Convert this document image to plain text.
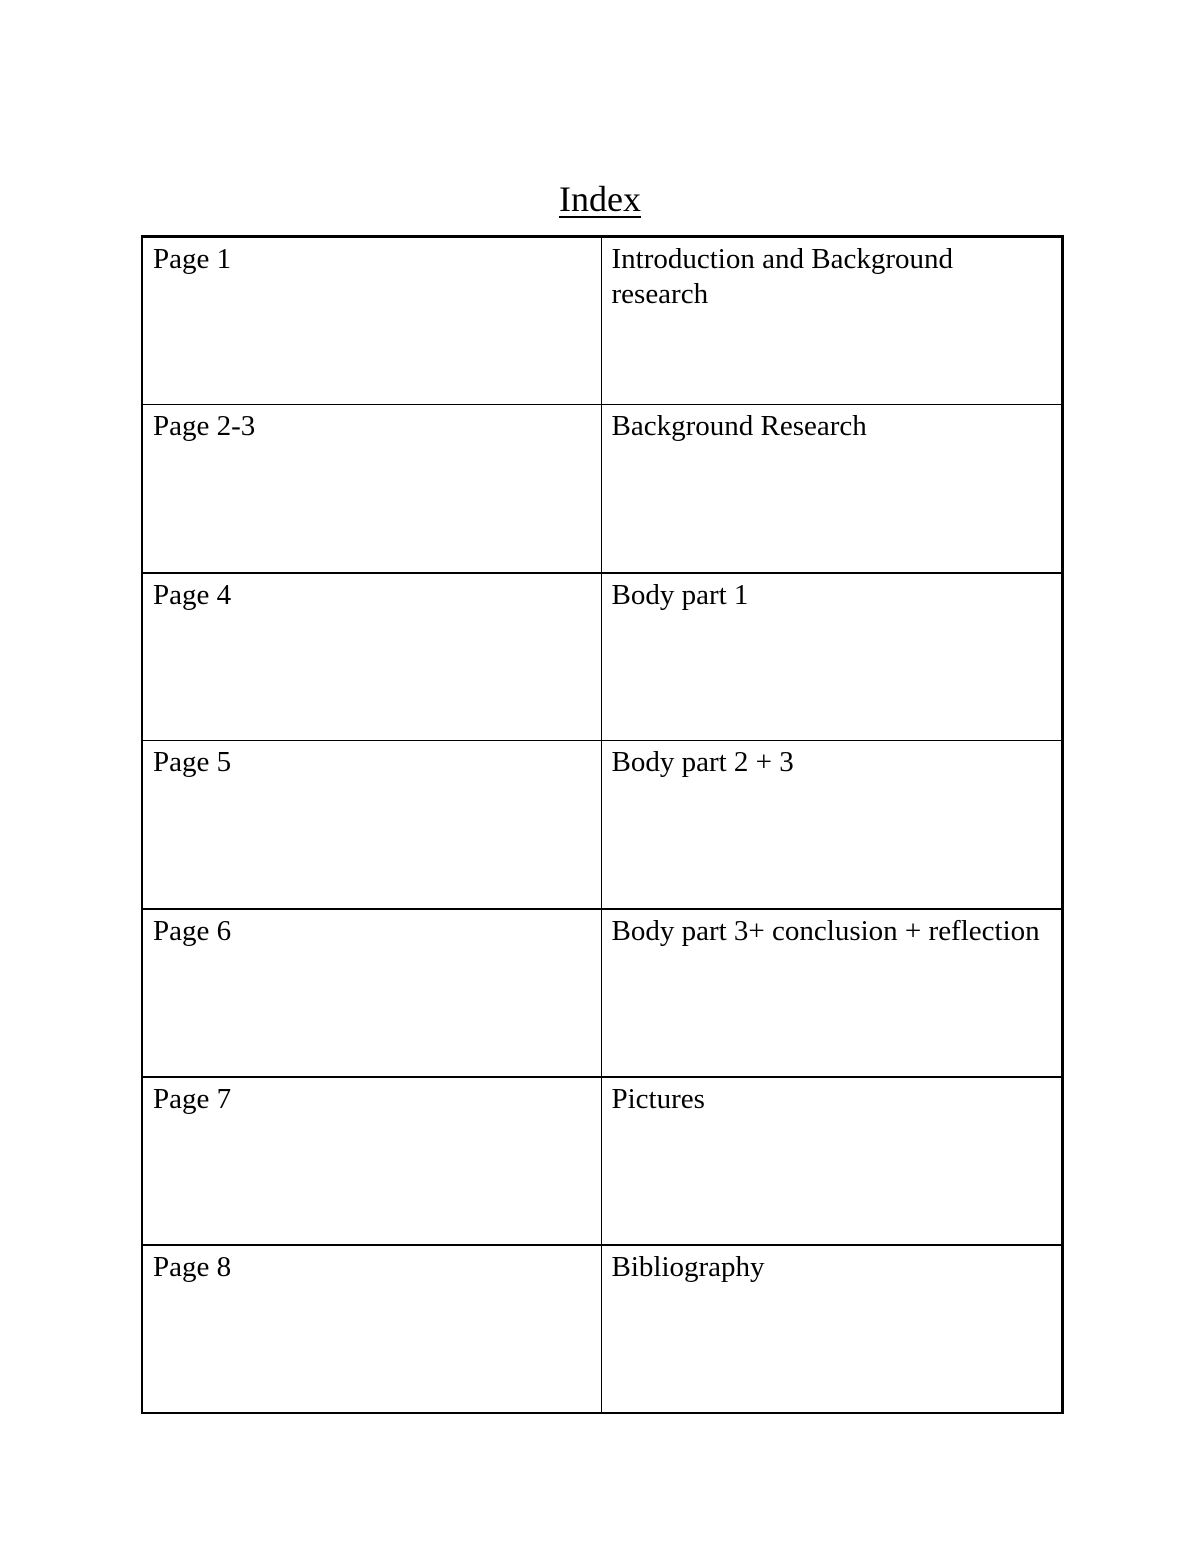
Index
Page 1	Introduction and Background research
Page 2-3	Background Research
Page 4	Body part 1
Page 5	Body part 2 + 3
Page 6	Body part 3+ conclusion + reflection
Page 7	Pictures
Page 8	Bibliography
